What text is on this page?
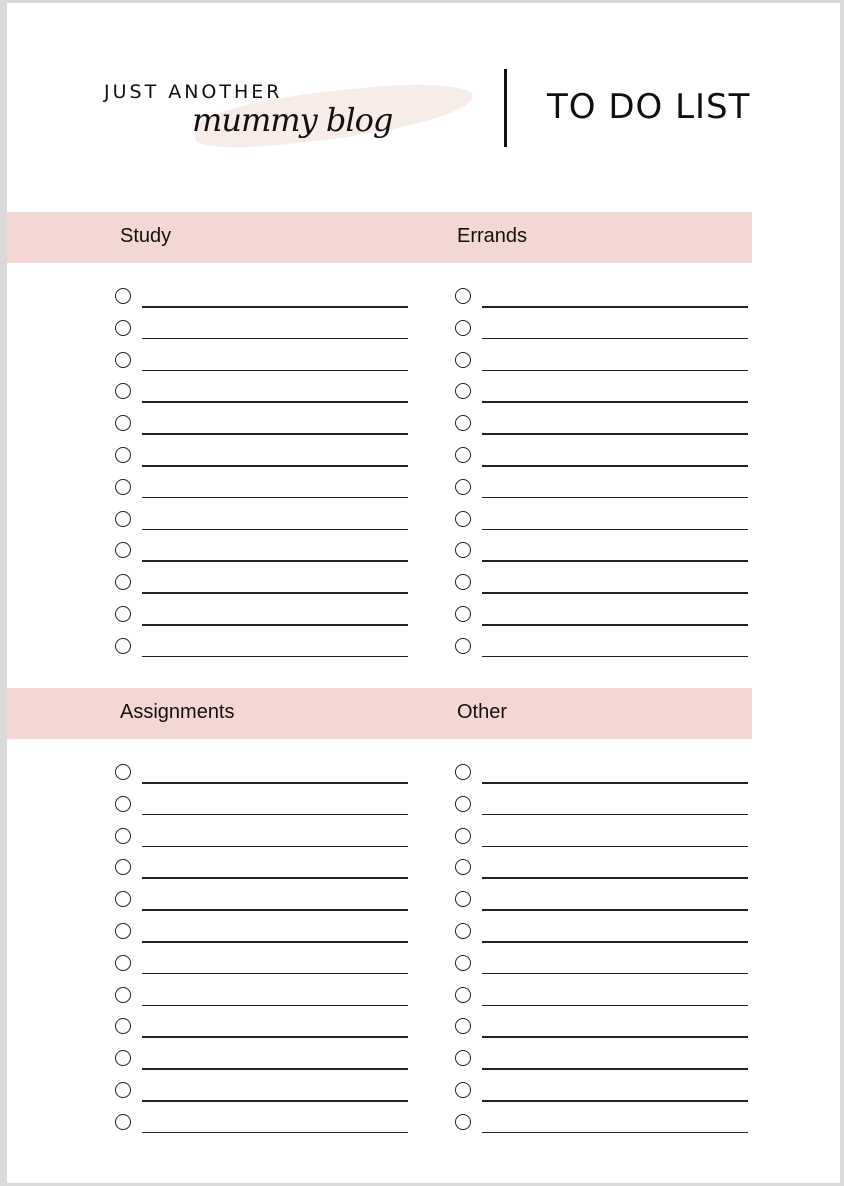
JUST ANOTHER
mummy blog	TO DO LIST
Study	Errands
Assignments	Other
